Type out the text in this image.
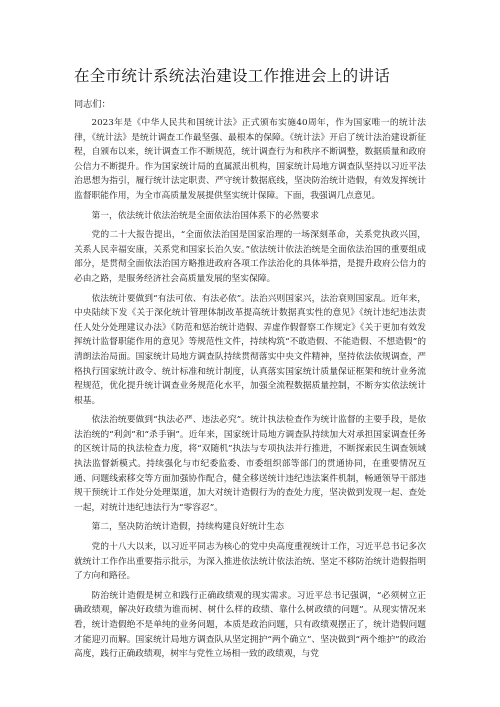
在全市统计系统法治建设工作推进会上的讲话
同志们：

2023年是《中华人民共和国统计法》正式颁布实施40周年，作为国家唯一的统计法律，《统计法》是统计调查工作最坚强、最根本的保障。《统计法》开启了统计法治建设新征程，自颁布以来，统计调查工作不断规范，统计调查行为和秩序不断调整，数据质量和政府公信力不断提升。作为国家统计局的直属派出机构，国家统计局地方调查队坚持以习近平法治思想为指引，履行统计法定职责、严守统计数据底线，坚决防治统计造假，有效发挥统计监督职能作用，为全市高质量发展提供坚实统计保障。下面，我强调几点意见。

第一，依法统计依法治统是全面依法治国体系下的必然要求

党的二十大报告提出，“全面依法治国是国家治理的一场深刻革命，关系党执政兴国，关系人民幸福安康，关系党和国家长治久安。”依法统计依法治统是全面依法治国的重要组成部分，是贯彻全面依法治国方略推进政府各项工作法治化的具体举措，是提升政府公信力的必由之路，是服务经济社会高质量发展的坚实保障。

依法统计要做到“有法可依、有法必依”。法治兴则国家兴，法治衰则国家乱。近年来，中央陆续下发《关于深化统计管理体制改革提高统计数据真实性的意见》《统计违纪违法责任人处分处理建议办法》《防范和惩治统计造假、弄虚作假督察工作规定》《关于更加有效发挥统计监督职能作用的意见》等规范性文件，持续构筑“不敢造假、不能造假、不想造假”的清朗法治局面。国家统计局地方调查队持续贯彻落实中央文件精神，坚持依法依规调查，严格执行国家统计政令、统计标准和统计制度，认真落实国家统计质量保证框架和统计业务流程规范，优化提升统计调查业务规范化水平，加强全流程数据质量控制，不断夯实依法统计根基。

依法治统要做到“执法必严、违法必究”。统计执法检查作为统计监督的主要手段，是依法治统的“利剑”和“杀手锏”。近年来，国家统计局地方调查队持续加大对承担国家调查任务的区统计局的执法检查力度，将“双随机”执法与专项执法并行推进，不断探索民生调查领域执法监督新模式。持续强化与市纪委监委、市委组织部等部门的贯通协同，在重要情况互通、问题线索移交等方面加强协作配合，健全移送统计违纪违法案件机制，畅通领导干部违规干预统计工作处分处理渠道，加大对统计造假行为的查处力度，坚决做到发现一起、查处一起，对统计违纪违法行为“零容忍”。

第二，坚决防治统计造假，持续构建良好统计生态

党的十八大以来，以习近平同志为核心的党中央高度重视统计工作，习近平总书记多次就统计工作作出重要指示批示，为深入推进依法统计依法治统、坚定不移防治统计造假指明了方向和路径。

防治统计造假是树立和践行正确政绩观的现实需求。习近平总书记强调，“必须树立正确政绩观，解决好政绩为谁而树、树什么样的政绩、靠什么树政绩的问题”。从现实情况来看，统计造假绝不是单纯的业务问题，本质是政治问题，只有政绩观摆正了，统计造假问题才能迎刃而解。国家统计局地方调查队从坚定拥护“两个确立”、坚决做到“两个维护”的政治高度，践行正确政绩观，树牢与党性立场相一致的政绩观，与党
